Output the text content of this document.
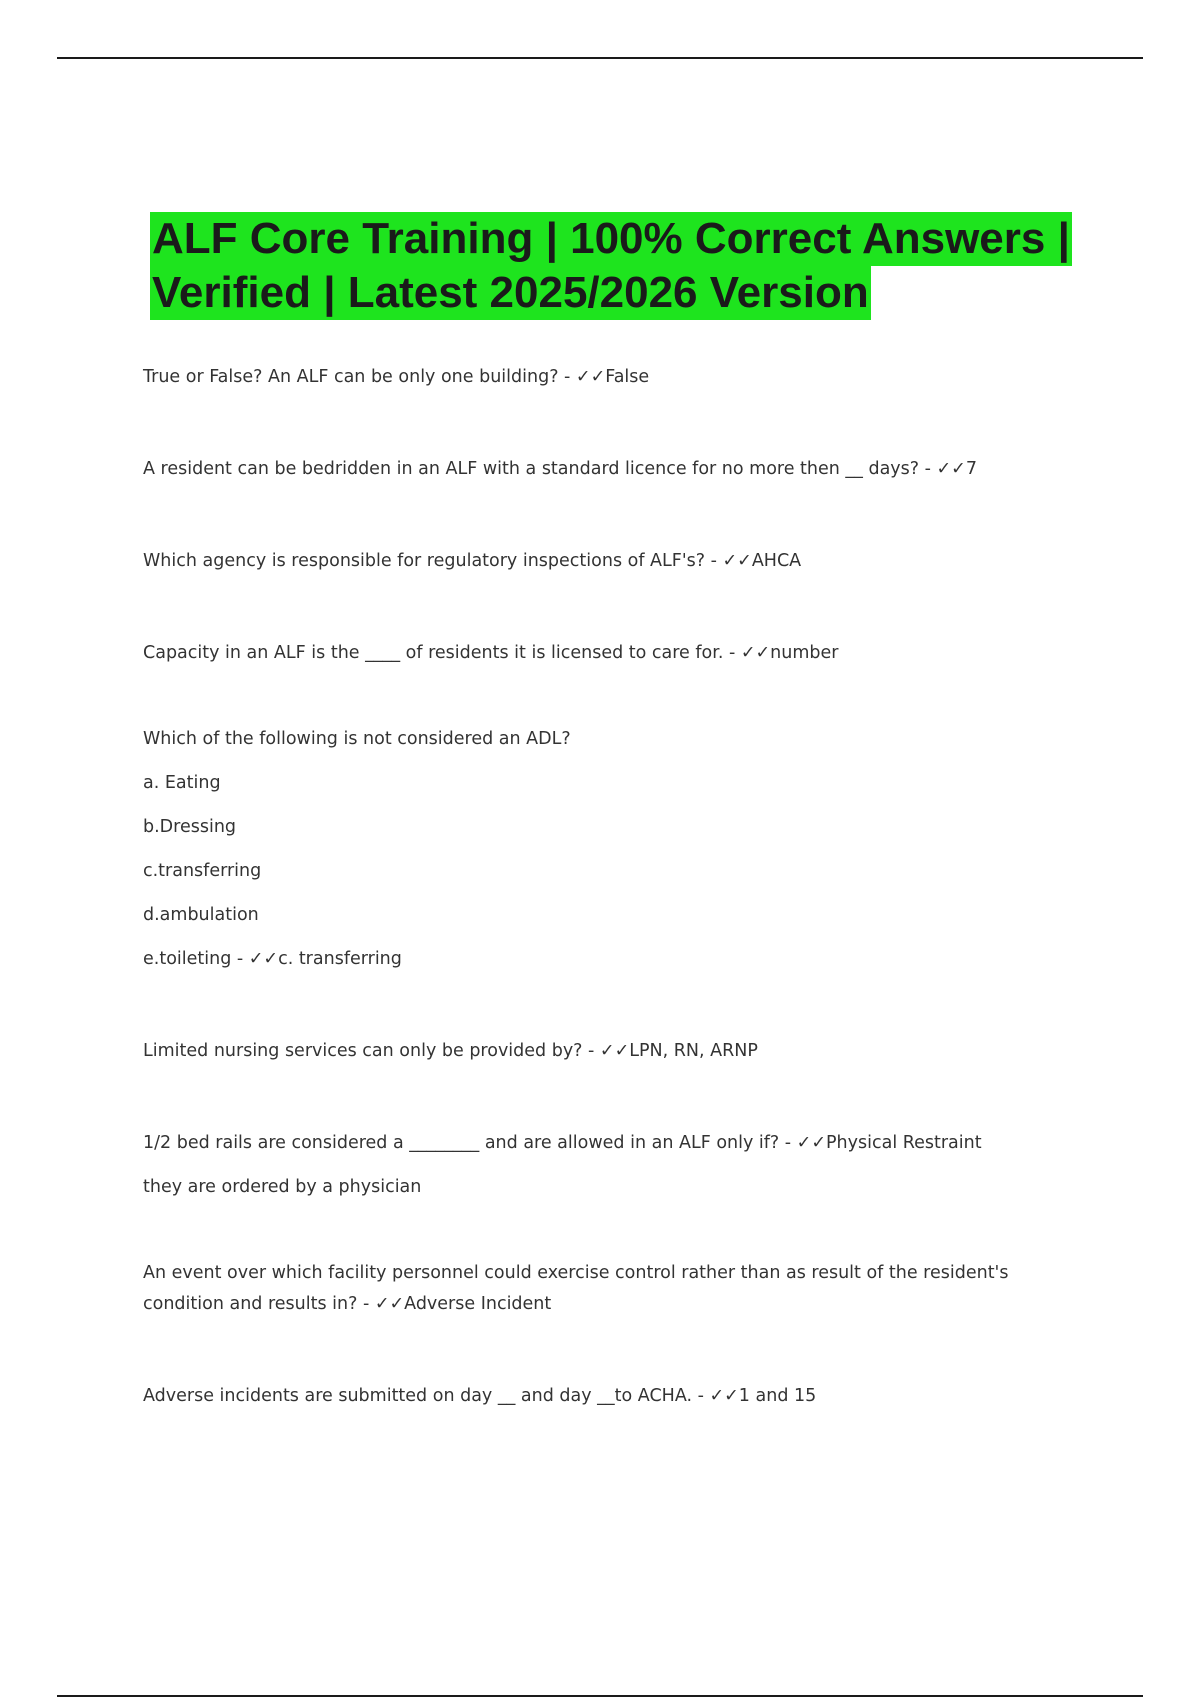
ALF Core Training | 100% Correct Answers |
Verified | Latest 2025/2026 Version
True or False? An ALF can be only one building? - ✓✓False
A resident can be bedridden in an ALF with a standard licence for no more then __ days? - ✓✓7
Which agency is responsible for regulatory inspections of ALF's? - ✓✓AHCA
Capacity in an ALF is the ____ of residents it is licensed to care for. - ✓✓number
Which of the following is not considered an ADL?
a. Eating
b.Dressing
c.transferring
d.ambulation
e.toileting - ✓✓c. transferring
Limited nursing services can only be provided by? - ✓✓LPN, RN, ARNP
1/2 bed rails are considered a ________ and are allowed in an ALF only if? - ✓✓Physical Restraint
they are ordered by a physician
An event over which facility personnel could exercise control rather than as result of the resident's
condition and results in? - ✓✓Adverse Incident
Adverse incidents are submitted on day __ and day __to ACHA. - ✓✓1 and 15
